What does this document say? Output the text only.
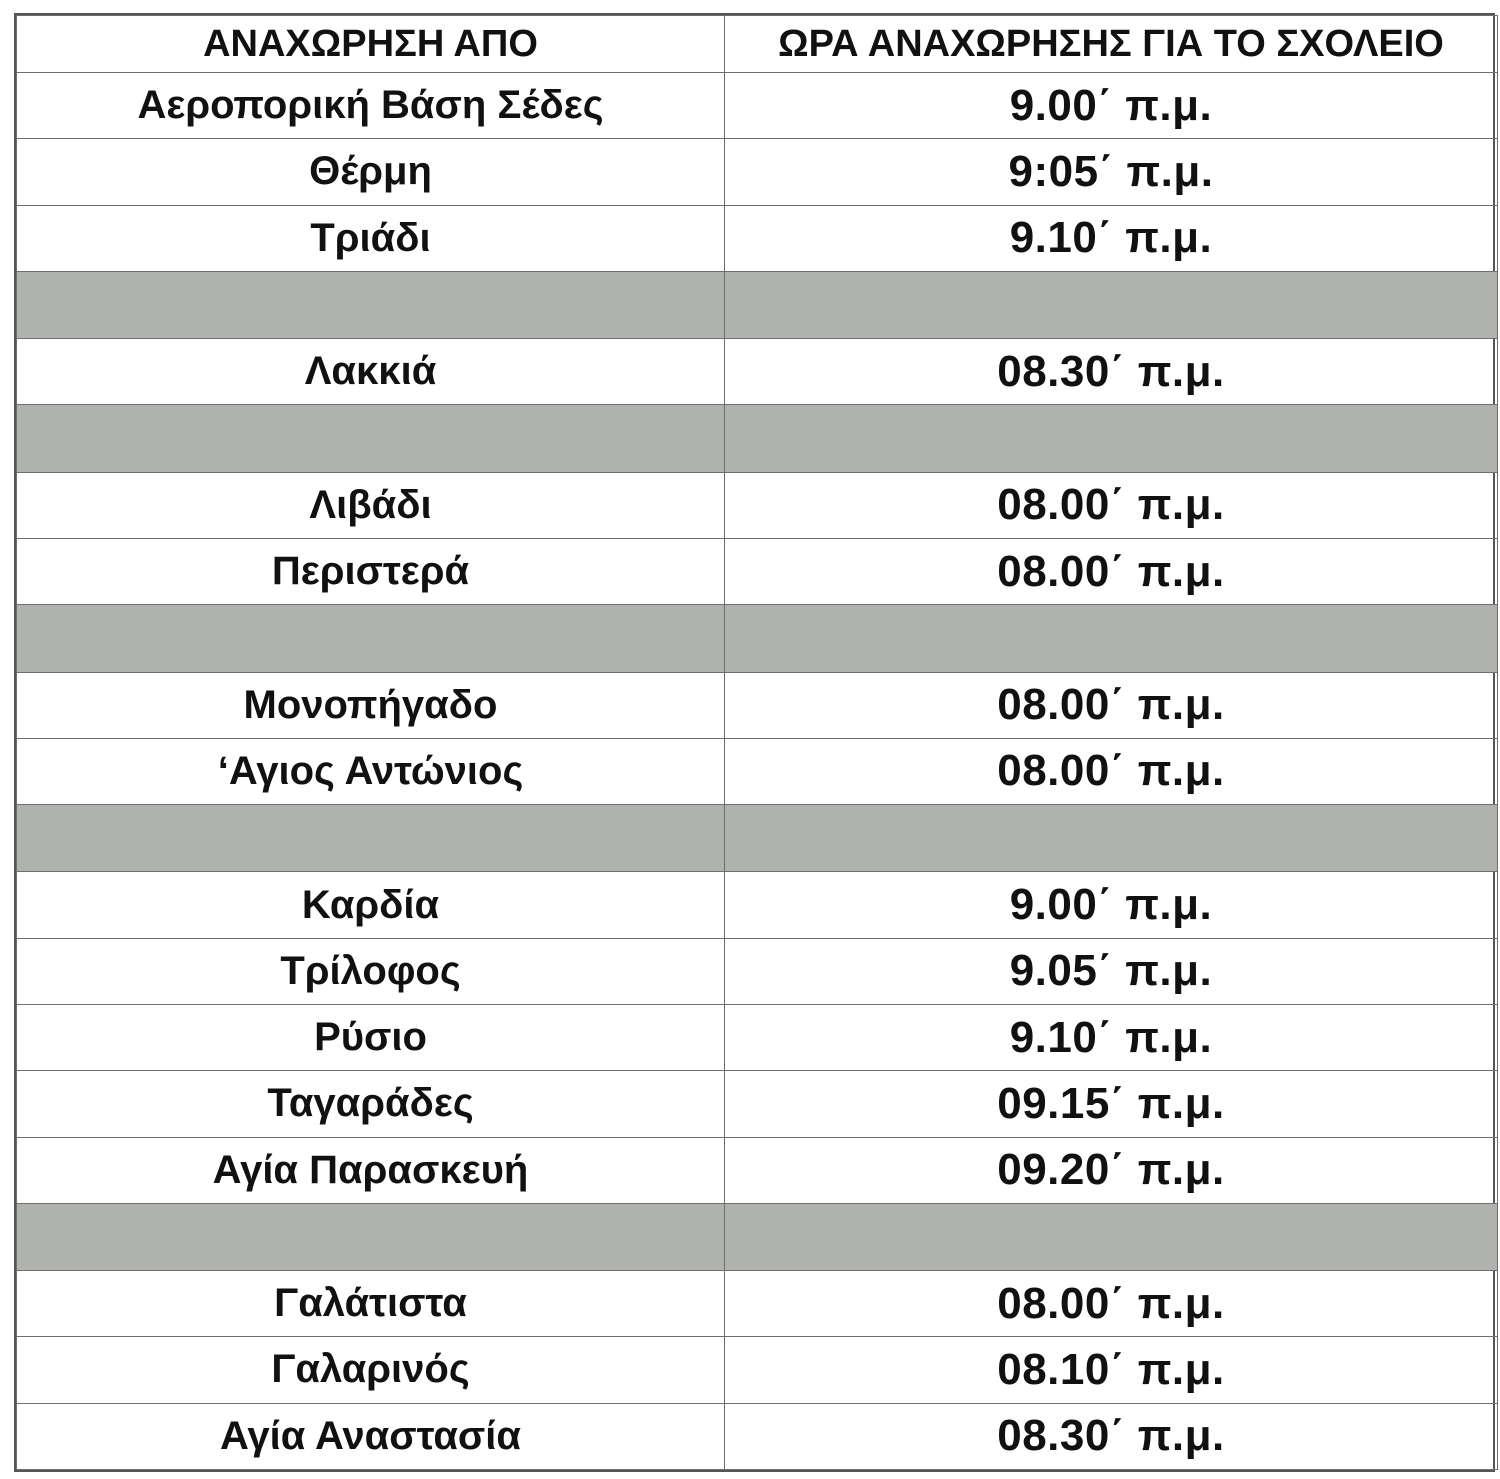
ΑΝΑΧΩΡΗΣΗ ΑΠΟ	ΩΡΑ ΑΝΑΧΩΡΗΣΗΣ ΓΙΑ ΤΟ ΣΧΟΛΕΙΟ
Αεροπορική Βάση Σέδες	9.00΄ π.μ.
Θέρμη	9:05΄ π.μ.
Τριάδι	9.10΄ π.μ.

Λακκιά	08.30΄ π.μ.

Λιβάδι	08.00΄ π.μ.
Περιστερά	08.00΄ π.μ.

Μονοπήγαδο	08.00΄ π.μ.
‘Αγιος Αντώνιος	08.00΄ π.μ.

Καρδία	9.00΄ π.μ.
Τρίλοφος	9.05΄ π.μ.
Ρύσιο	9.10΄ π.μ.
Ταγαράδες	09.15΄ π.μ.
Αγία Παρασκευή	09.20΄ π.μ.

Γαλάτιστα	08.00΄ π.μ.
Γαλαρινός	08.10΄ π.μ.
Αγία Αναστασία	08.30΄ π.μ.
